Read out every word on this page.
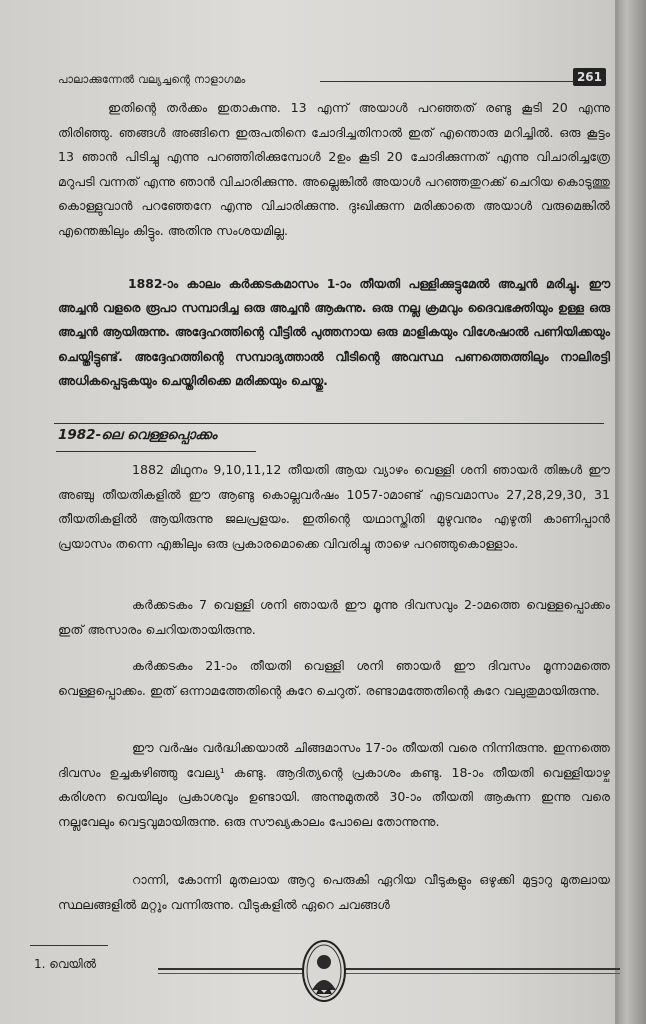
പാലാക്കുന്നേൽ വല്യച്ചന്റെ നാളാഗമം	261
ഇതിന്റെ തർക്കം ഇതാകുന്നു. 13 എന്ന് അയാൾ പറഞ്ഞത് രണ്ടു കൂടി 20 എന്നു തിരിഞ്ഞു. ഞങ്ങൾ അങ്ങിനെ ഇരുപതിനെ ചോദിച്ചതിനാൽ ഇത് എന്തൊരു മറിച്ചിൽ. ഒരു കൂട്ടം 13 ഞാൻ പിടിച്ചു എന്നു പറഞ്ഞിരിക്കുമ്പോൾ 2ഉം കൂടി 20 ചോദിക്കുന്നത് എന്നു വിചാരിച്ചത്രേ മറുപടി വന്നത് എന്നു ഞാൻ വിചാരിക്കുന്നു. അല്ലെങ്കിൽ അയാൾ പറഞ്ഞതുറക്ക് ചെറിയ കൊടുത്തു കൊള്ളുവാൻ പറഞ്ഞേനേ എന്നു വിചാരിക്കുന്നു. ദുഃഖിക്കുന്ന മരിക്കാതെ അയാൾ വരുമെങ്കിൽ എന്തെങ്കിലും കിട്ടും. അതിനു സംശയമില്ല.
1882-ാം കാലം കർക്കടകമാസം 1-ാം തീയതി പള്ളിക്കുട്ടുമേൽ അച്ചൻ മരിച്ചു. ഈ അച്ചൻ വളരെ രൂപാ സമ്പാദിച്ച ഒരു അച്ചൻ ആകുന്നു. ഒരു നല്ല ക്രമവും ദൈവഭക്തിയും ഉള്ള ഒരു അച്ചൻ ആയിരുന്നു. അദ്ദേഹത്തിന്റെ വീട്ടിൽ പുത്തനായ ഒരു മാളികയും വിശേഷാൽ പണിയിക്കയും ചെയ്തിട്ടുണ്ട്. അദ്ദേഹത്തിന്റെ സമ്പാദ്യത്താൽ വീടിന്റെ അവസ്ഥ പണത്തെത്തിലും നാലിരട്ടി അധികപ്പെടുകയും ചെയ്തിരിക്കെ മരിക്കയും ചെയ്തു.
1982-ലെ വെള്ളപ്പൊക്കം
1882 മിഥുനം 9,10,11,12 തീയതി ആയ വ്യാഴം വെള്ളി ശനി ഞായർ തിങ്കൾ ഈ അഞ്ചു തീയതികളിൽ ഈ ആണ്ടു കൊല്ലവർഷം 1057-ാമാണ്ട് എടവമാസം 27,28,29,30, 31 തീയതികളിൽ ആയിരുന്നു ജലപ്രളയം. ഇതിന്റെ യഥാസ്തിതി മുഴുവനും എഴുതി കാണിപ്പാൻ പ്രയാസം തന്നെ എങ്കിലും ഒരു പ്രകാരമൊക്കെ വിവരിച്ചു താഴെ പറഞ്ഞുകൊള്ളാം.
കർക്കടകം 7 വെള്ളി ശനി ഞായർ ഈ മൂന്നു ദിവസവും 2-ാമത്തെ വെള്ളപ്പൊക്കം ഇത് അസാരം ചെറിയതായിരുന്നു.
കർക്കടകം 21-ാം തീയതി വെള്ളി ശനി ഞായർ ഈ ദിവസം മൂന്നാമത്തെ വെള്ളപ്പൊക്കം. ഇത് ഒന്നാമത്തേതിന്റെ കുറേ ചെറുത്. രണ്ടാമത്തേതിന്റെ കുറേ വലുതുമായിരുന്നു.
ഈ വർഷം വർദ്ധിക്കയാൽ ചിങ്ങമാസം 17-ാം തീയതി വരെ നിന്നിരുന്നു. ഇന്നത്തെ ദിവസം ഉച്ചകഴിഞ്ഞു വേല്യ¹ കണ്ടു. ആദിത്യന്റെ പ്രകാശം കണ്ടു. 18-ാം തീയതി വെള്ളിയാഴ്ച കരിശന വെയിലും പ്രകാശവും ഉണ്ടായി. അന്നുമുതൽ 30-ാം തീയതി ആകുന്ന ഇന്നു വരെ നല്ലവേലും വെട്ടവുമായിരുന്നു. ഒരു സൗഖ്യകാലം പോലെ തോന്നുന്നു.
റാന്നി, കോന്നി മുതലായ ആറു പെരുകി ഏറിയ വീടുകളും ഒഴുക്കി മുട്ടാറു മുതലായ സ്ഥലങ്ങളിൽ മറ്റും വന്നിരുന്നു. വീടുകളിൽ ഏറെ ചവങ്ങൾ
1. വെയിൽ
